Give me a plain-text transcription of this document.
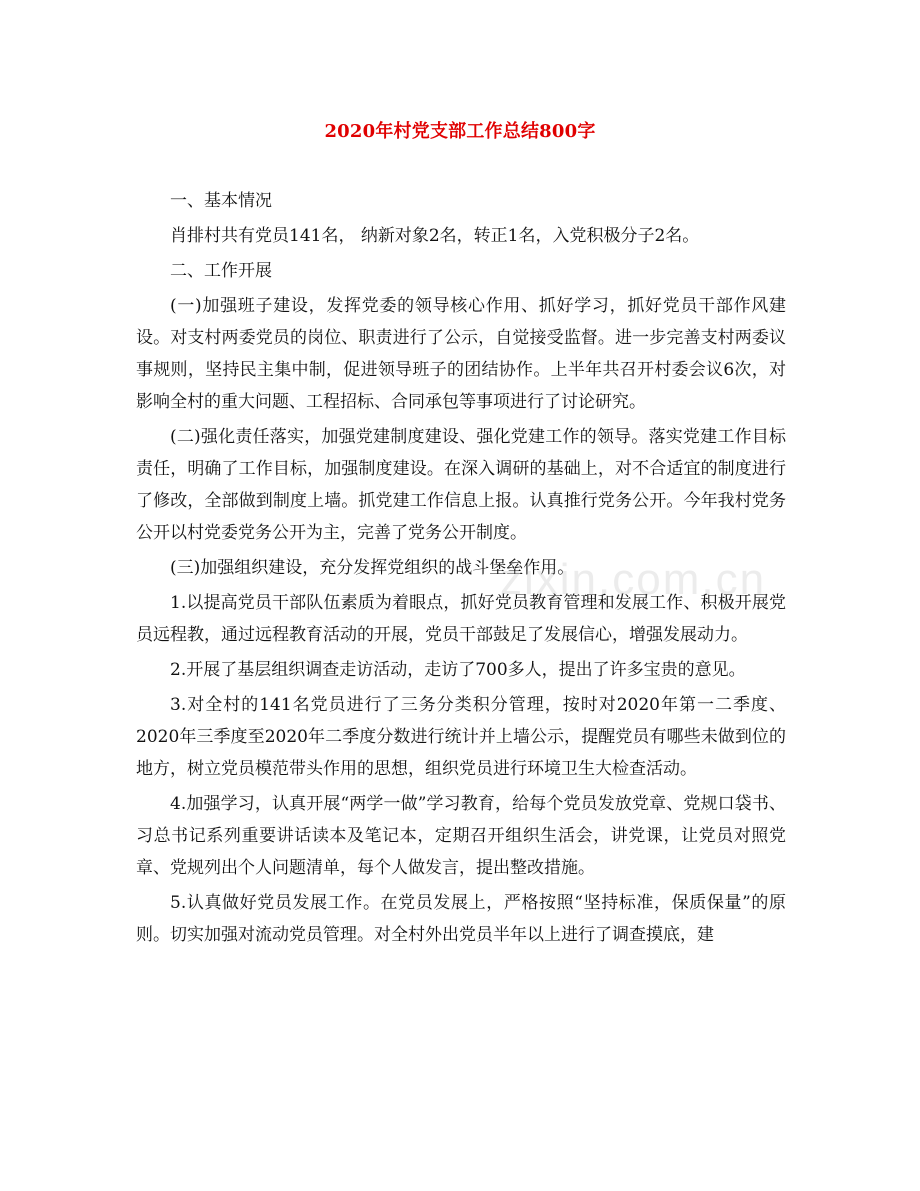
2020年村党支部工作总结800字

一、基本情况

肖排村共有党员141名， 纳新对象2名，转正1名，入党积极分子2名。

二、工作开展

(一)加强班子建设，发挥党委的领导核心作用、抓好学习，抓好党员干部作风建设。对支村两委党员的岗位、职责进行了公示，自觉接受监督。进一步完善支村两委议事规则，坚持民主集中制，促进领导班子的团结协作。上半年共召开村委会议6次，对影响全村的重大问题、工程招标、合同承包等事项进行了讨论研究。

(二)强化责任落实，加强党建制度建设、强化党建工作的领导。落实党建工作目标责任，明确了工作目标，加强制度建设。在深入调研的基础上，对不合适宜的制度进行了修改，全部做到制度上墙。抓党建工作信息上报。认真推行党务公开。今年我村党务公开以村党委党务公开为主，完善了党务公开制度。

(三)加强组织建设，充分发挥党组织的战斗堡垒作用。

1.以提高党员干部队伍素质为着眼点，抓好党员教育管理和发展工作、积极开展党员远程教，通过远程教育活动的开展，党员干部鼓足了发展信心，增强发展动力。

2.开展了基层组织调查走访活动，走访了700多人，提出了许多宝贵的意见。

3.对全村的141名党员进行了三务分类积分管理，按时对2020年第一二季度、2020年三季度至2020年二季度分数进行统计并上墙公示，提醒党员有哪些未做到位的地方，树立党员模范带头作用的思想，组织党员进行环境卫生大检查活动。

4.加强学习，认真开展“两学一做”学习教育，给每个党员发放党章、党规口袋书、习总书记系列重要讲话读本及笔记本，定期召开组织生活会，讲党课，让党员对照党章、党规列出个人问题清单，每个人做发言，提出整改措施。

5.认真做好党员发展工作。在党员发展上，严格按照“坚持标准，保质保量”的原则。切实加强对流动党员管理。对全村外出党员半年以上进行了调查摸底，建

zixin.com.cn
